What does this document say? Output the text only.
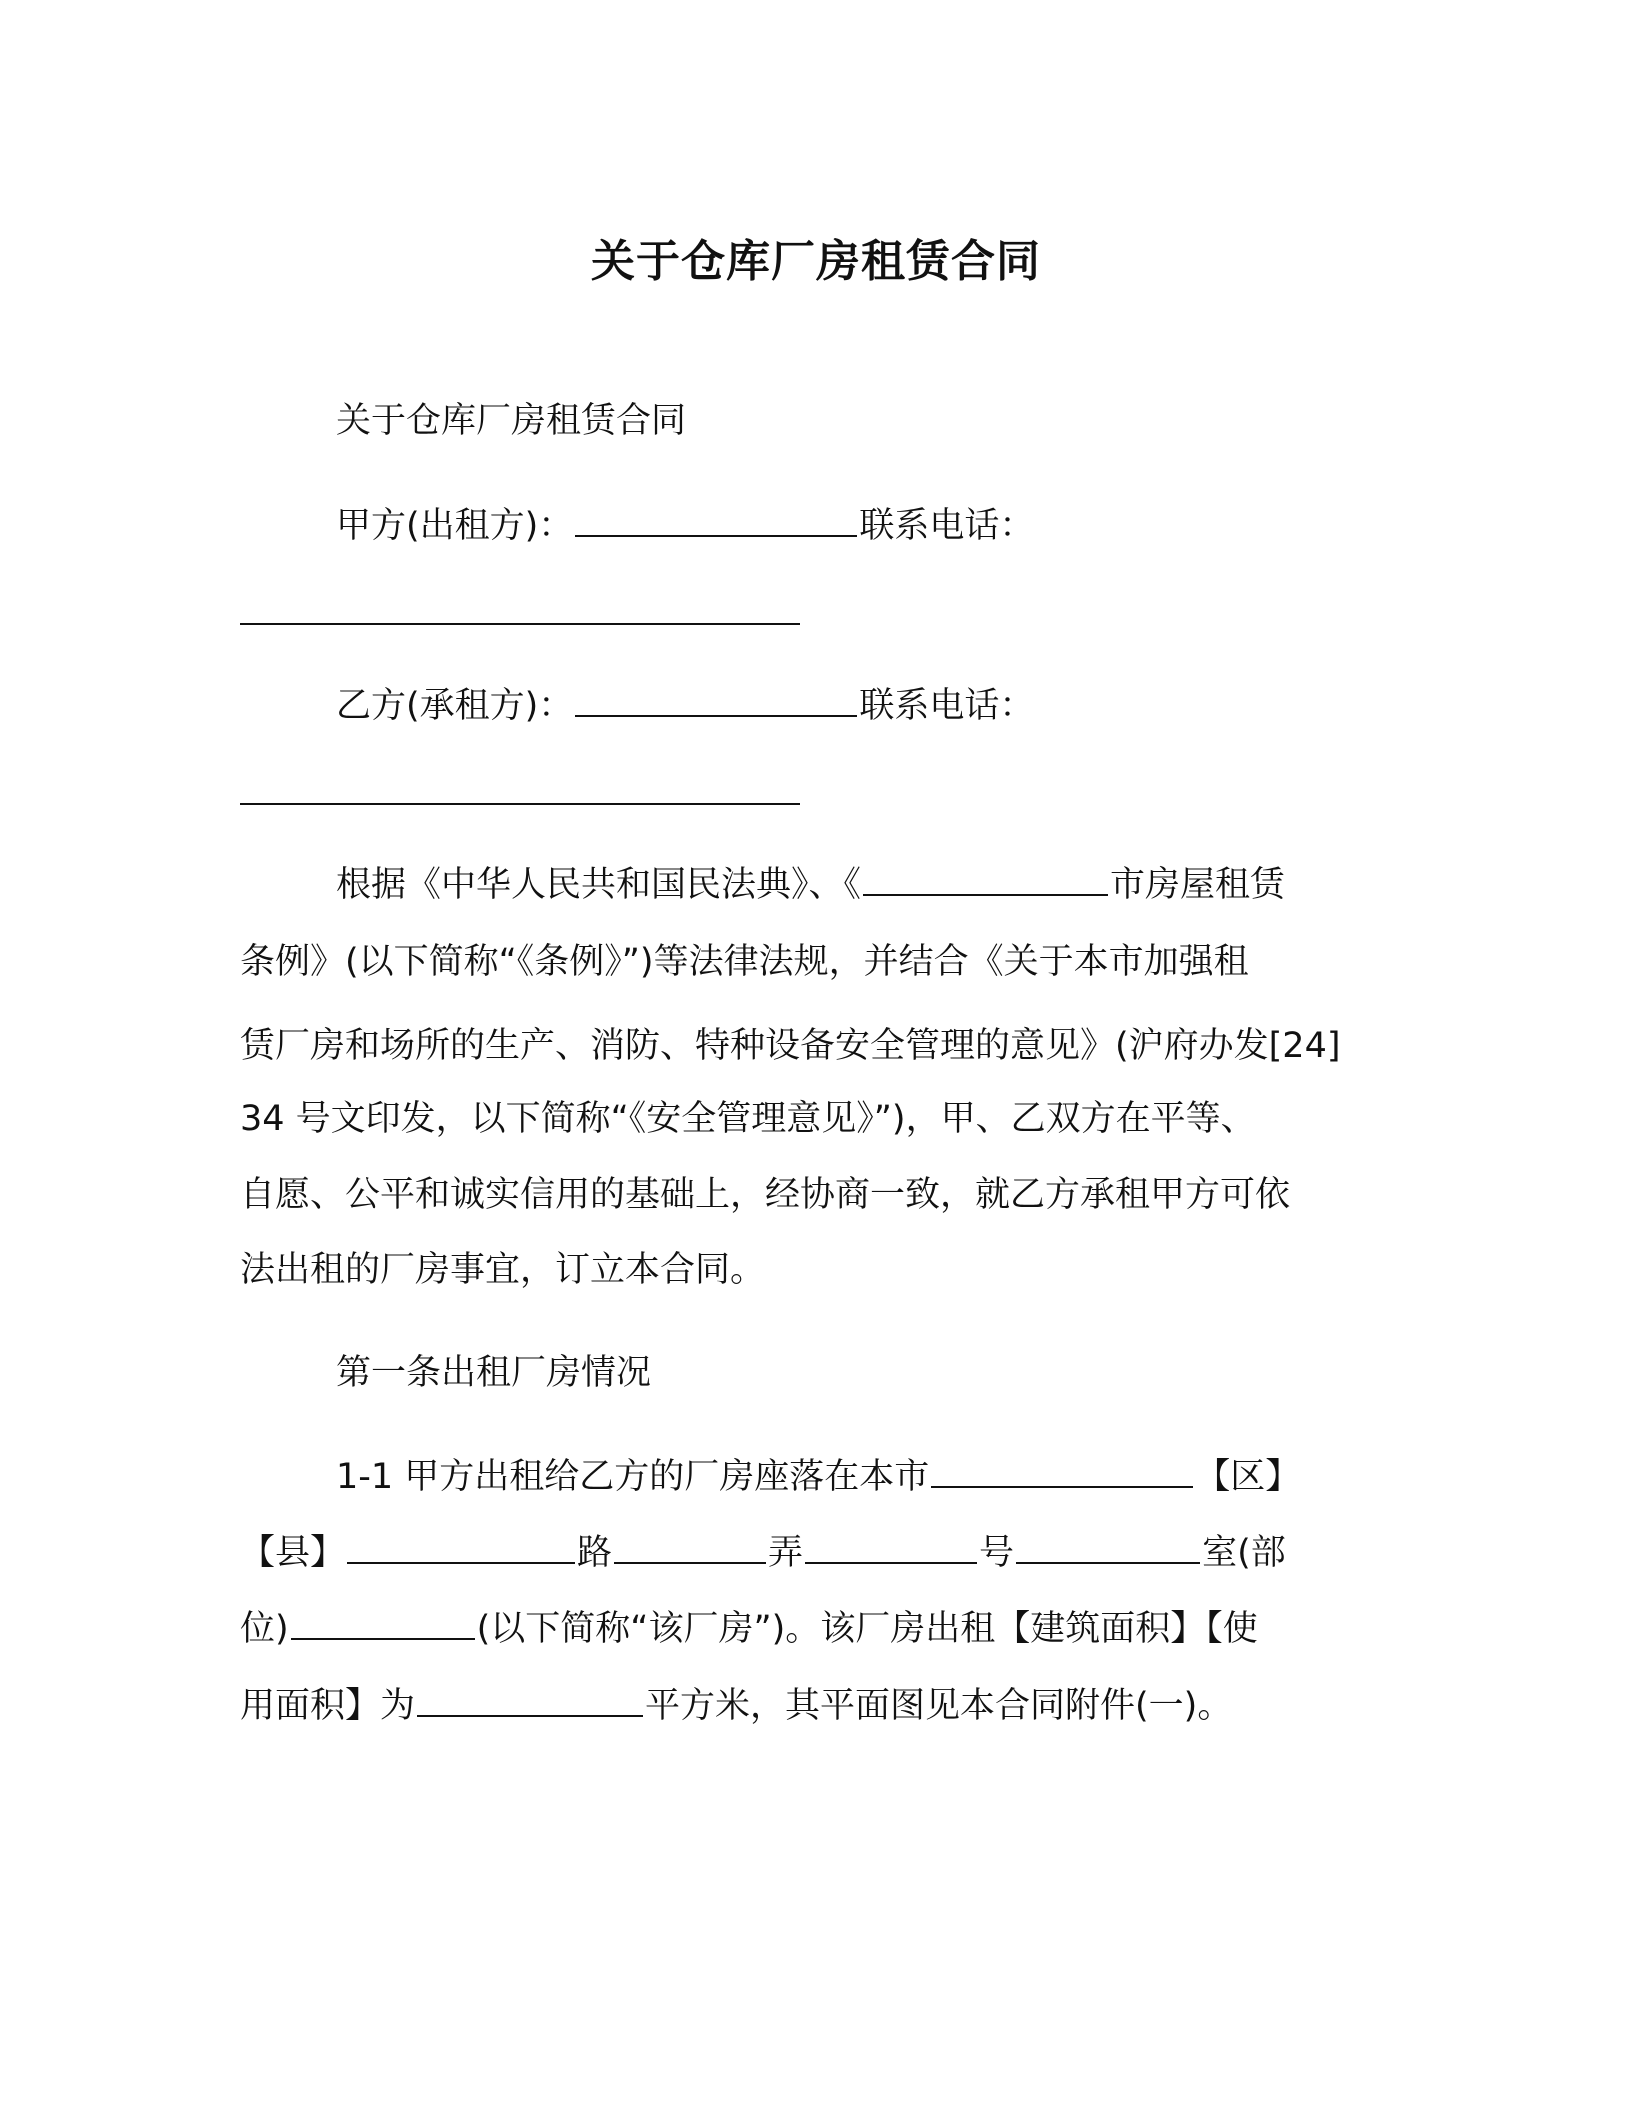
关于仓库厂房租赁合同
关于仓库厂房租赁合同
甲方(出租方)：	联系电话：
乙方(承租方)：	联系电话：
根据《中华人民共和国民法典》、《	市房屋租赁
条例》(以下简称“《条例》”)等法律法规，并结合《关于本市加强租
赁厂房和场所的生产、消防、特种设备安全管理的意见》(沪府办发[24]
34 号文印发，以下简称“《安全管理意见》”)，甲、乙双方在平等、
自愿、公平和诚实信用的基础上，经协商一致，就乙方承租甲方可依
法出租的厂房事宜，订立本合同。
第一条出租厂房情况
1-1 甲方出租给乙方的厂房座落在本市	【区】
【县】	路	弄	号	室(部
位)	(以下简称“该厂房”)。该厂房出租【建筑面积】【使
用面积】为	平方米，其平面图见本合同附件(一)。
